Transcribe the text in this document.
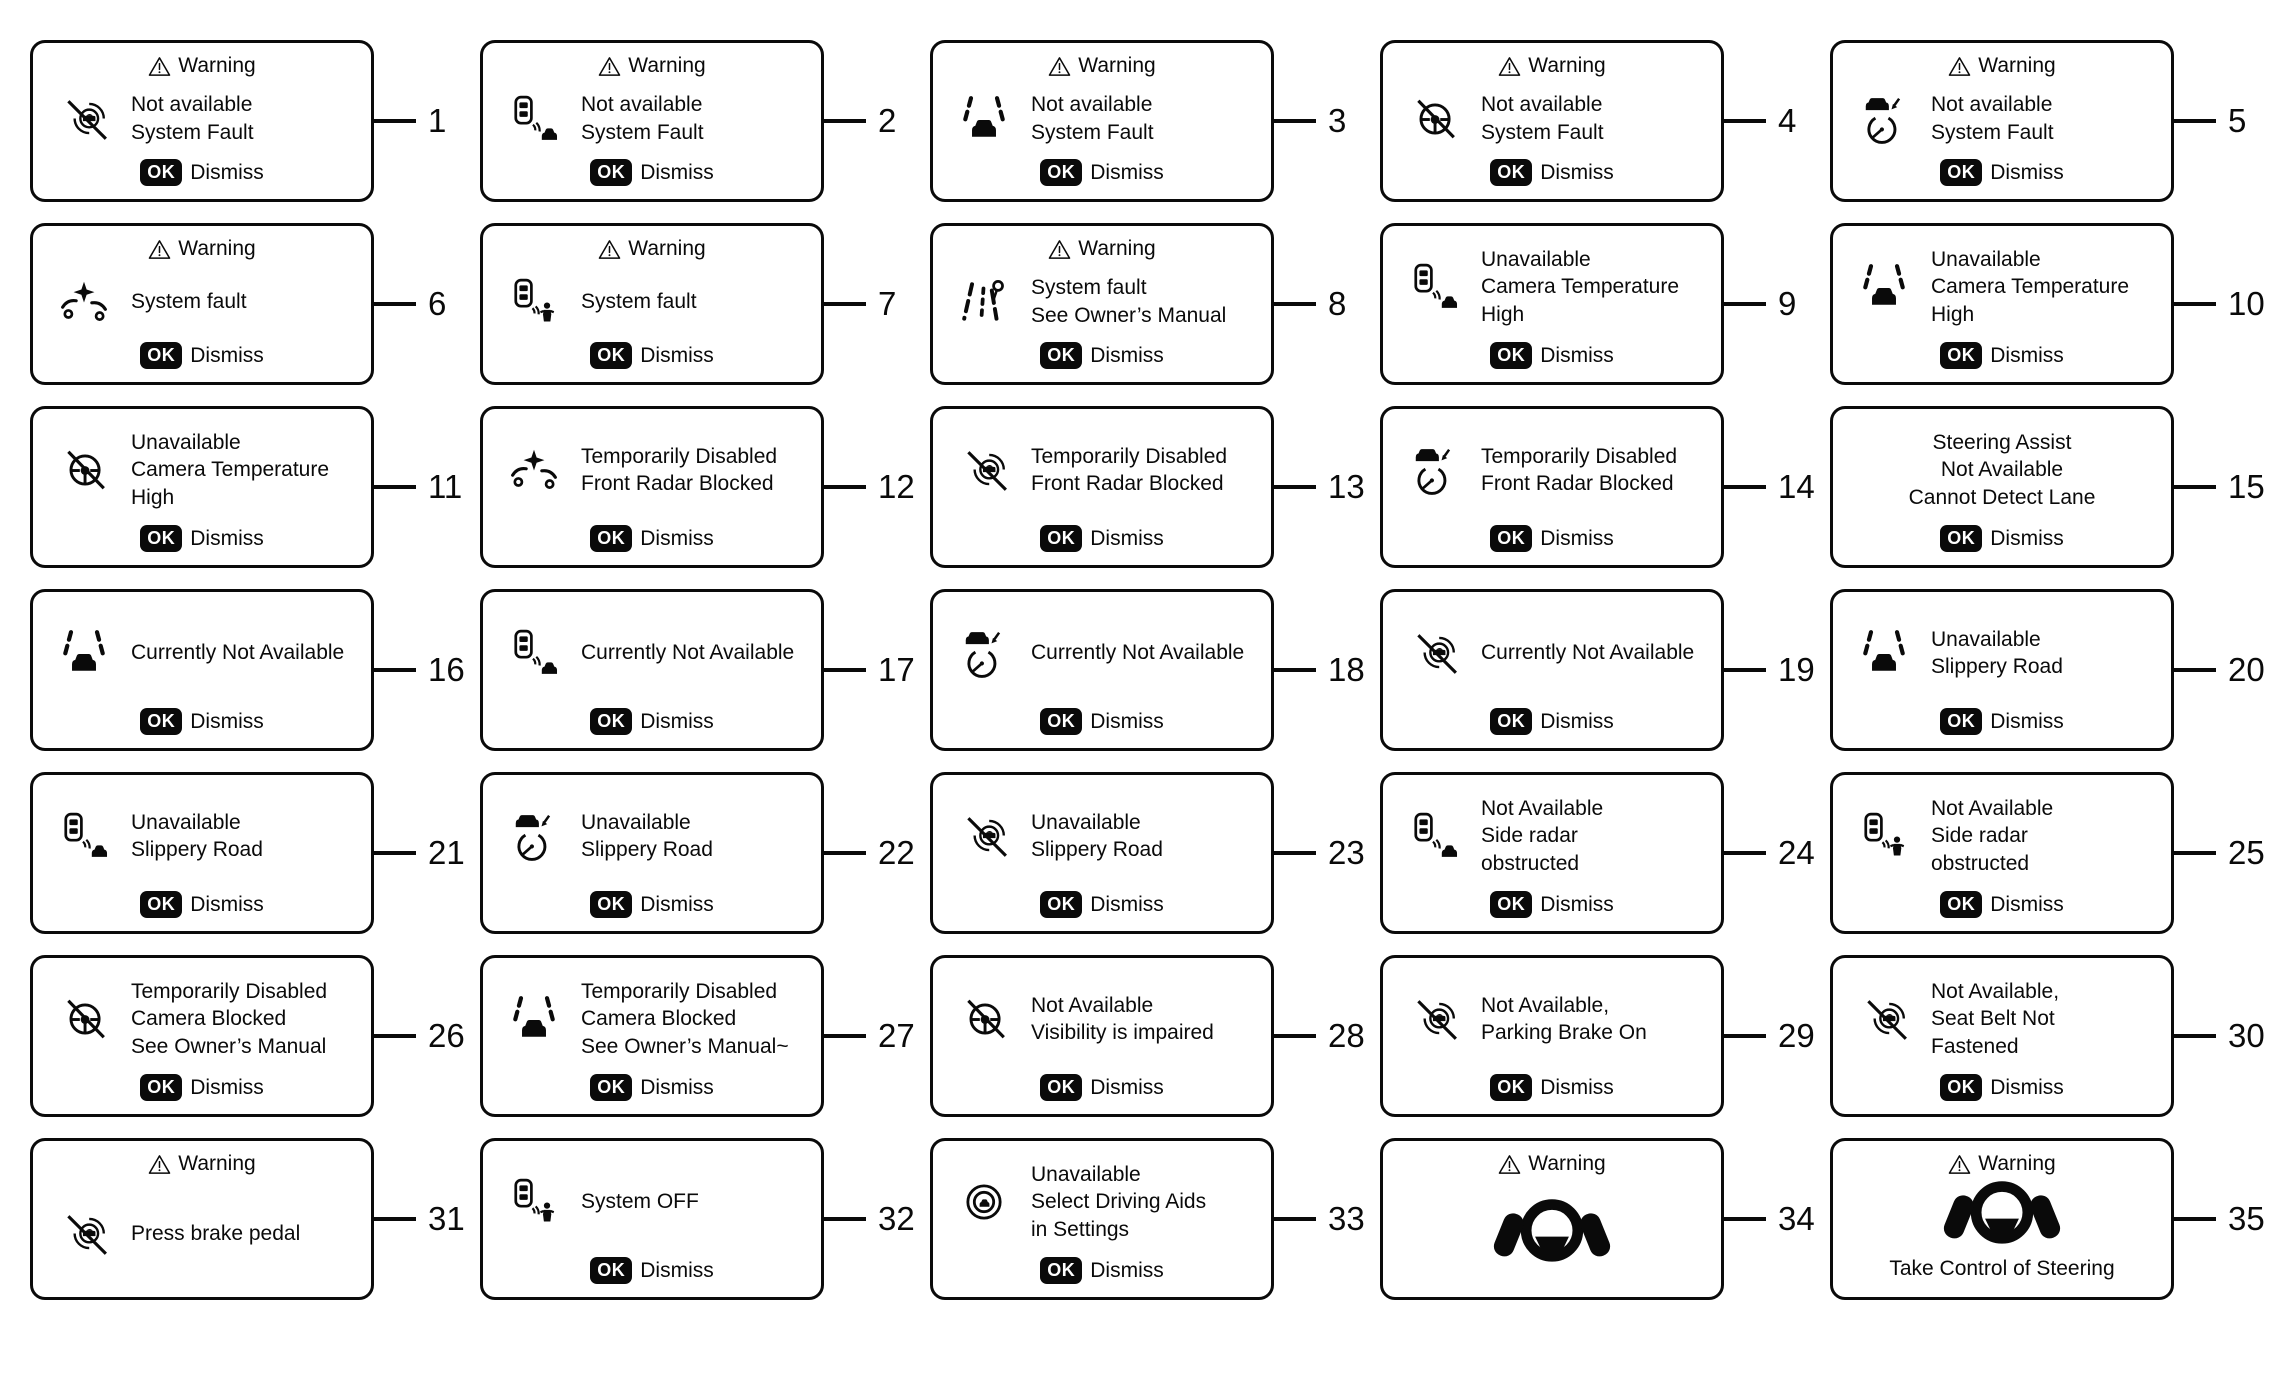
Warning
Not available
System Fault
OK Dismiss
1
Warning
Not available
System Fault
OK Dismiss
2
Warning
Not available
System Fault
OK Dismiss
3
Warning
Not available
System Fault
OK Dismiss
4
Warning
Not available
System Fault
OK Dismiss
5
Warning
System fault
OK Dismiss
6
Warning
System fault
OK Dismiss
7
Warning
System fault
See Owner’s Manual
OK Dismiss
8
Unavailable
Camera Temperature
High
OK Dismiss
9
Unavailable
Camera Temperature
High
OK Dismiss
10
Unavailable
Camera Temperature
High
OK Dismiss
11
Temporarily Disabled
Front Radar Blocked
OK Dismiss
12
Temporarily Disabled
Front Radar Blocked
OK Dismiss
13
Temporarily Disabled
Front Radar Blocked
OK Dismiss
14
Steering Assist
Not Available
Cannot Detect Lane
OK Dismiss
15
Currently Not Available
OK Dismiss
16	Currently Not Available
OK Dismiss
17	Currently Not Available
OK Dismiss
18	Currently Not Available
OK Dismiss
19
Unavailable
Slippery Road
OK Dismiss
20
Unavailable
Slippery Road
OK Dismiss
21
Unavailable
Slippery Road
OK Dismiss
22
Unavailable
Slippery Road
OK Dismiss
23
Not Available
Side radar
obstructed
OK Dismiss
24
Not Available
Side radar
obstructed
OK Dismiss
25
Temporarily Disabled
Camera Blocked
See Owner’s Manual
OK Dismiss
26
Temporarily Disabled
Camera Blocked
See Owner’s Manual~
OK Dismiss
27
Not Available
Visibility is impaired
OK Dismiss
28
Not Available,
Parking Brake On
OK Dismiss
29
Not Available,
Seat Belt Not
Fastened
OK Dismiss
30
Warning
Press brake pedal	31	System OFF
OK Dismiss
32
Unavailable
Select Driving Aids
in Settings
OK Dismiss
33
Warning
34
Warning
Take Control of Steering
35
